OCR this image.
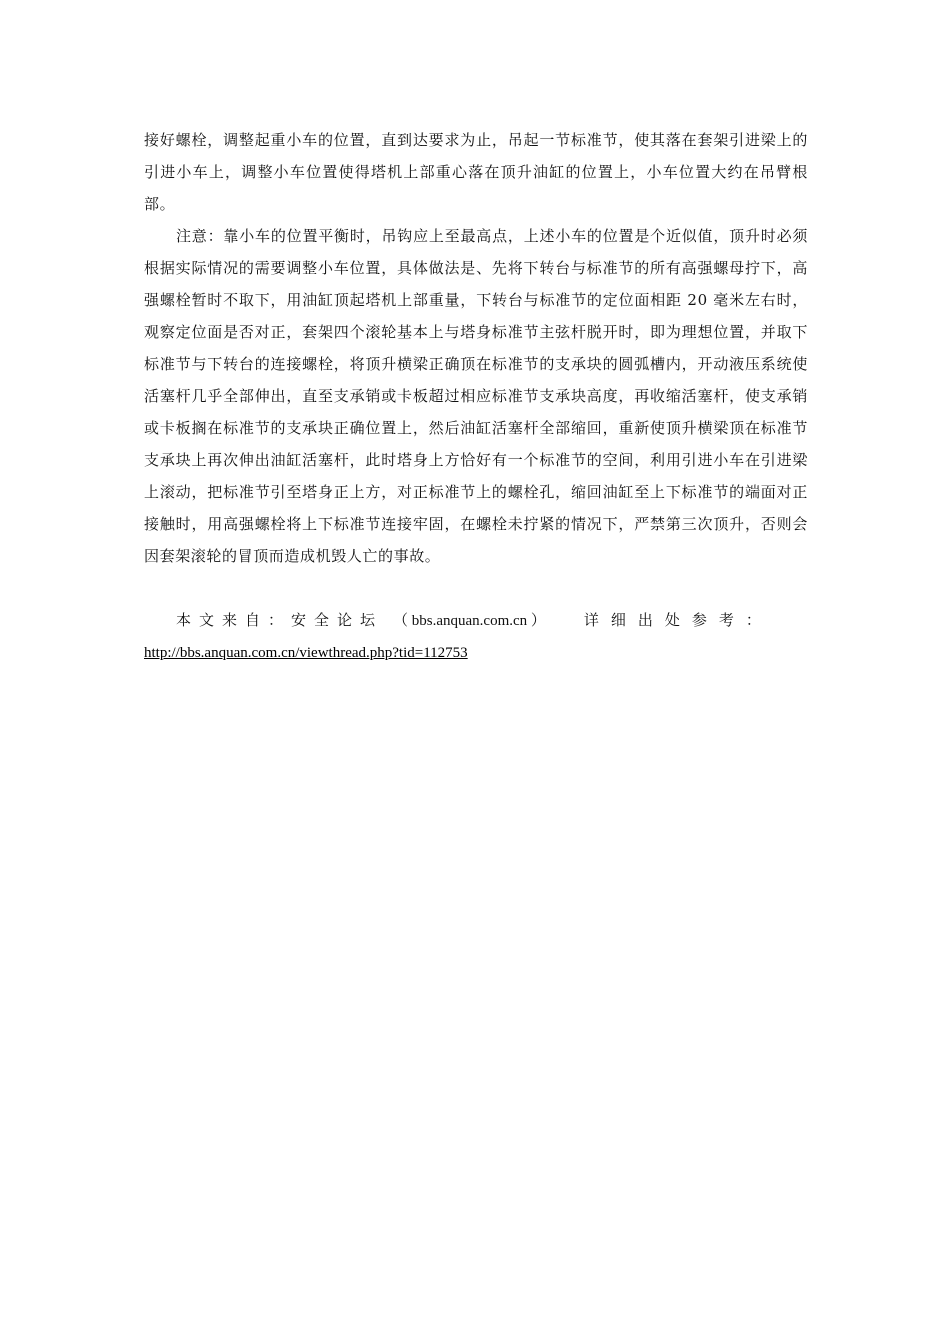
接好螺栓，调整起重小车的位置，直到达要求为止，吊起一节标准节，使其落在套架引进梁上的引进小车上，调整小车位置使得塔机上部重心落在顶升油缸的位置上，小车位置大约在吊臂根部。

注意：靠小车的位置平衡时，吊钩应上至最高点，上述小车的位置是个近似值，顶升时必须根据实际情况的需要调整小车位置，具体做法是、先将下转台与标准节的所有高强螺母拧下，高强螺栓暂时不取下，用油缸顶起塔机上部重量，下转台与标准节的定位面相距 20 毫米左右时，观察定位面是否对正，套架四个滚轮基本上与塔身标准节主弦杆脱开时，即为理想位置，并取下标准节与下转台的连接螺栓，将顶升横梁正确顶在标准节的支承块的圆弧槽内，开动液压系统使活塞杆几乎全部伸出，直至支承销或卡板超过相应标准节支承块高度，再收缩活塞杆，使支承销或卡板搁在标准节的支承块正确位置上，然后油缸活塞杆全部缩回，重新使顶升横梁顶在标准节支承块上再次伸出油缸活塞杆，此时塔身上方恰好有一个标准节的空间，利用引进小车在引进梁上滚动，把标准节引至塔身正上方，对正标准节上的螺栓孔，缩回油缸至上下标准节的端面对正接触时，用高强螺栓将上下标准节连接牢固，在螺栓未拧紧的情况下，严禁第三次顶升，否则会因套架滚轮的冒顶而造成机毁人亡的事故。

本文来自：安全论坛 （ bbs.anquan.com.cn ）	详细出处参考：
http://bbs.anquan.com.cn/viewthread.php?tid=112753
